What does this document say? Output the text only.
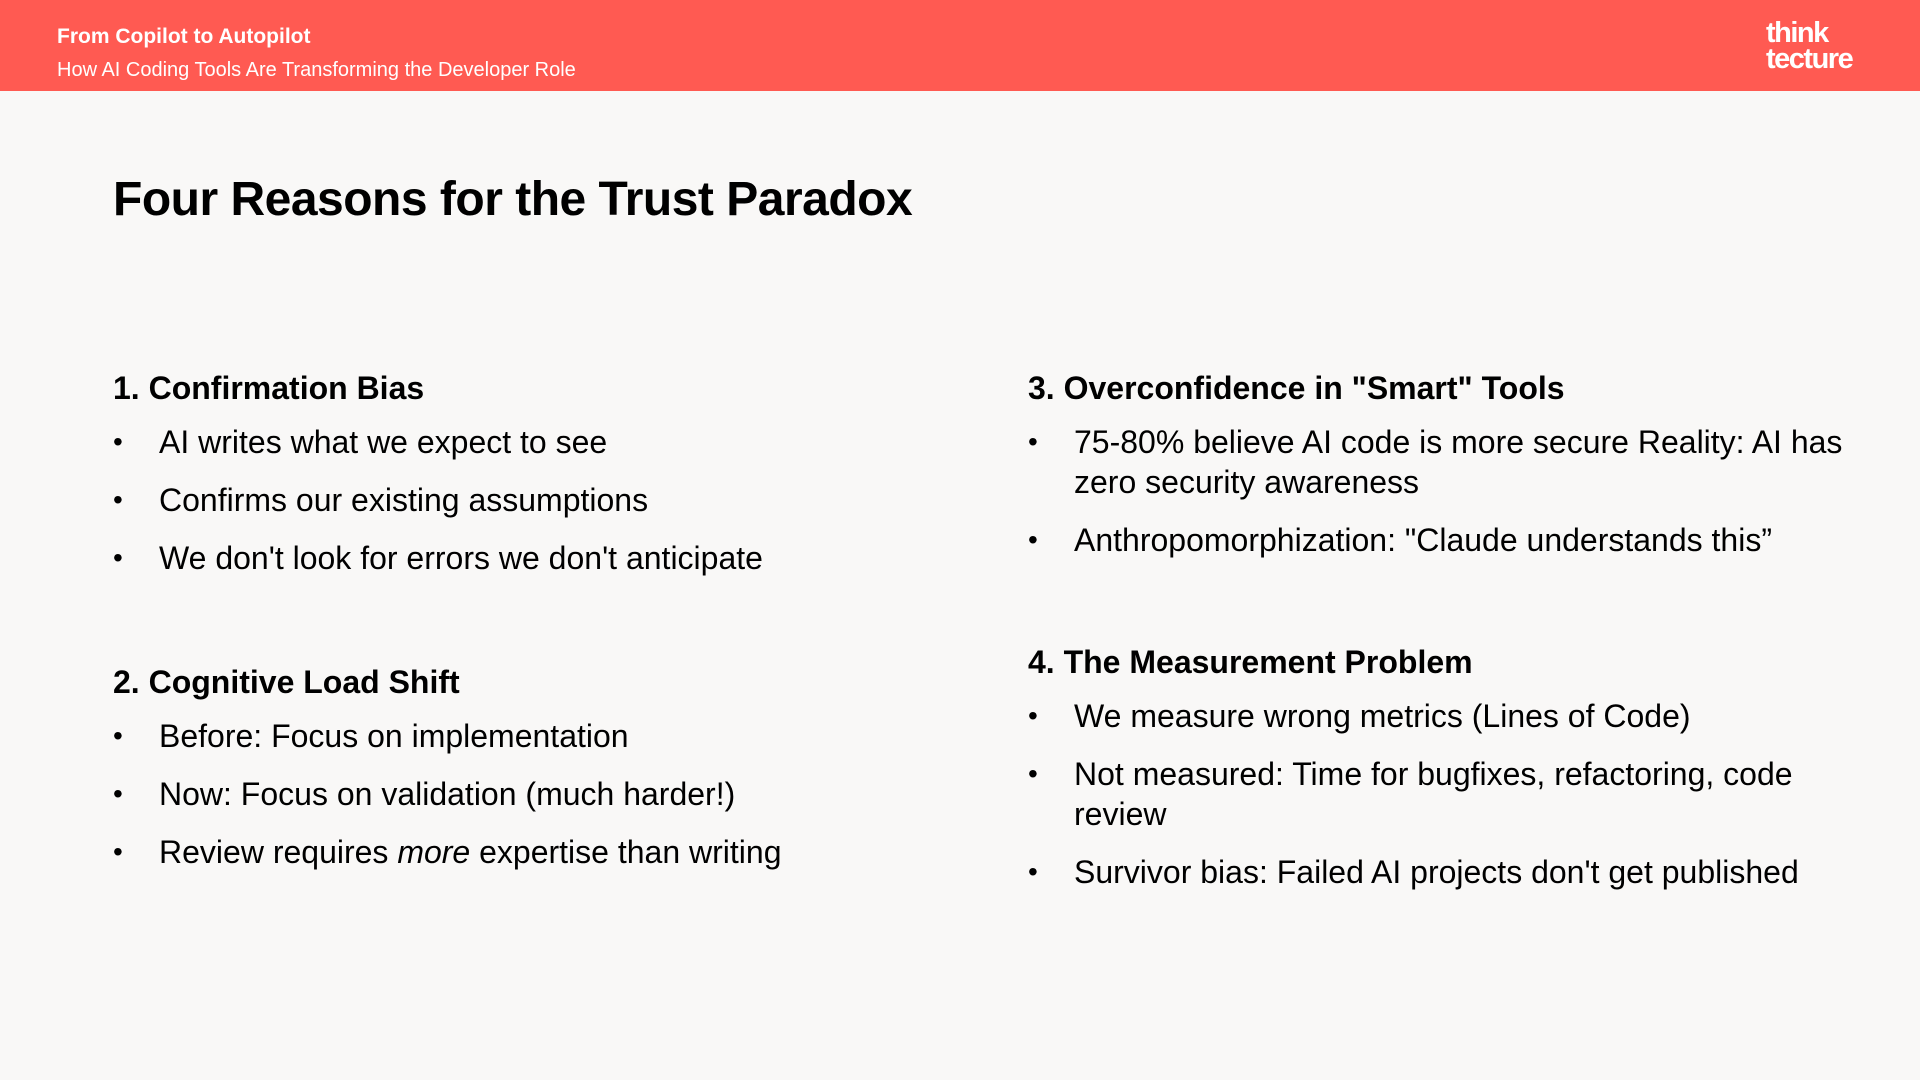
From Copilot to Autopilot
How AI Coding Tools Are Transforming the Developer Role
think
tecture
Four Reasons for the Trust Paradox
1. Confirmation Bias
•	AI writes what we expect to see
•	Confirms our existing assumptions
•	We don't look for errors we don't anticipate
2. Cognitive Load Shift
•	Before: Focus on implementation
•	Now: Focus on validation (much harder!)
•	Review requires more expertise than writing
3. Overconfidence in "Smart" Tools
•	75-80% believe AI code is more secure Reality: AI has zero security awareness
•	Anthropomorphization: "Claude understands this”
4. The Measurement Problem
•	We measure wrong metrics (Lines of Code)
•	Not measured: Time for bugfixes, refactoring, code review
•	Survivor bias: Failed AI projects don't get published
